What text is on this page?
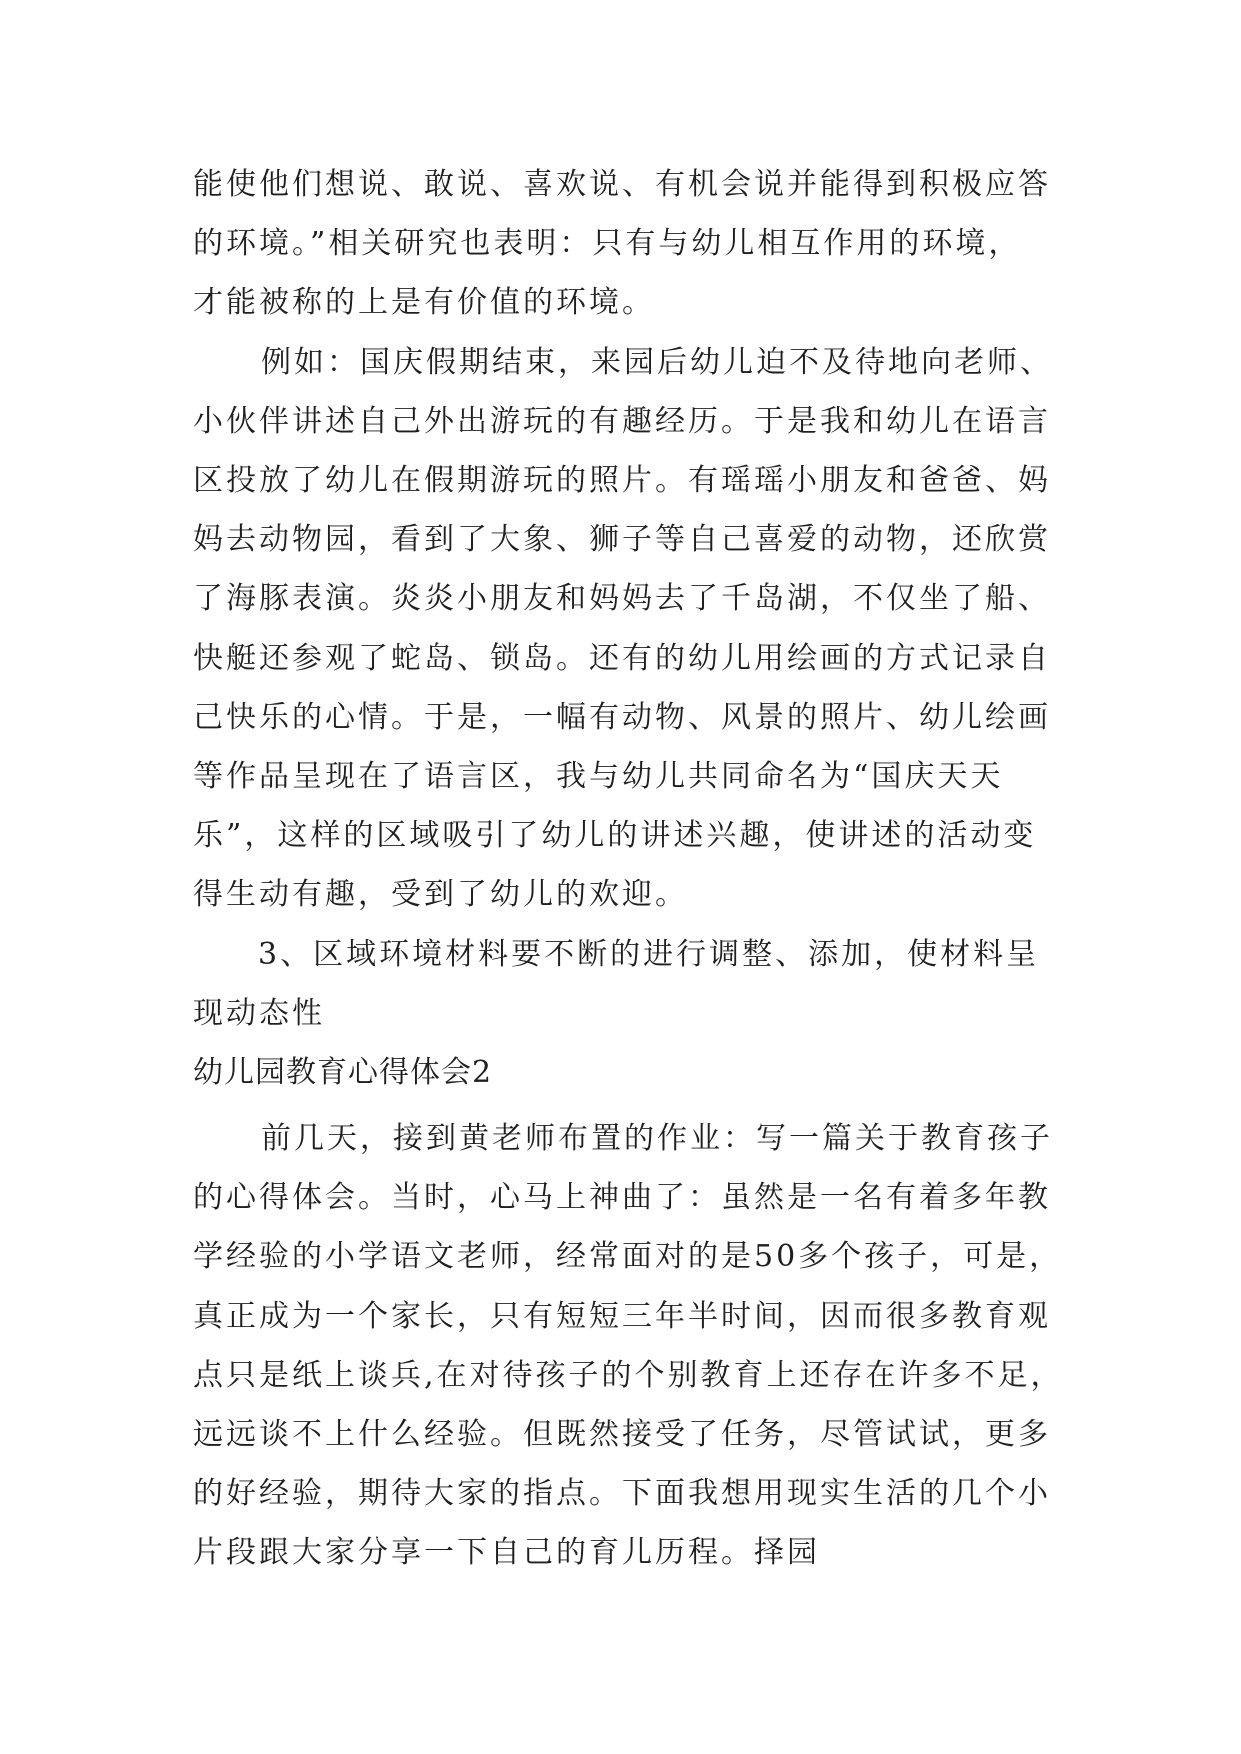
能使他们想说、敢说、喜欢说、有机会说并能得到积极应答
的环境。”相关研究也表明：只有与幼儿相互作用的环境，
才能被称的上是有价值的环境。
例如：国庆假期结束，来园后幼儿迫不及待地向老师、
小伙伴讲述自己外出游玩的有趣经历。于是我和幼儿在语言
区投放了幼儿在假期游玩的照片。有瑶瑶小朋友和爸爸、妈
妈去动物园，看到了大象、狮子等自己喜爱的动物，还欣赏
了海豚表演。炎炎小朋友和妈妈去了千岛湖，不仅坐了船、
快艇还参观了蛇岛、锁岛。还有的幼儿用绘画的方式记录自
己快乐的心情。于是，一幅有动物、风景的照片、幼儿绘画
等作品呈现在了语言区，我与幼儿共同命名为“国庆天天
乐”，这样的区域吸引了幼儿的讲述兴趣，使讲述的活动变
得生动有趣，受到了幼儿的欢迎。
3、区域环境材料要不断的进行调整、添加，使材料呈
现动态性
幼儿园教育心得体会2
前几天，接到黄老师布置的作业：写一篇关于教育孩子
的心得体会。当时，心马上神曲了：虽然是一名有着多年教
学经验的小学语文老师，经常面对的是50多个孩子，可是，
真正成为一个家长，只有短短三年半时间，因而很多教育观
点只是纸上谈兵,在对待孩子的个别教育上还存在许多不足，
远远谈不上什么经验。但既然接受了任务，尽管试试，更多
的好经验，期待大家的指点。下面我想用现实生活的几个小
片段跟大家分享一下自己的育儿历程。择园
